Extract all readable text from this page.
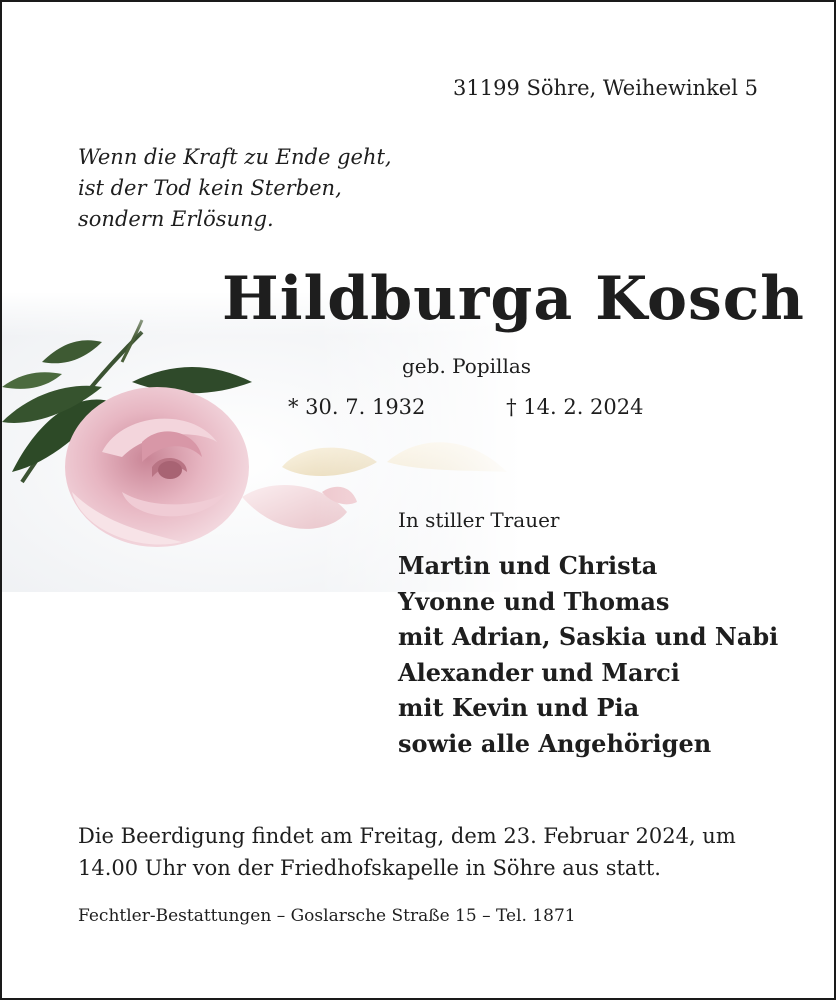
31199 Söhre, Weihewinkel 5
Wenn die Kraft zu Ende geht,
ist der Tod kein Sterben,
sondern Erlösung.
Hildburga Kosch
geb. Popillas
* 30. 7. 1932	† 14. 2. 2024
In stiller Trauer
Martin und Christa
Yvonne und Thomas
mit Adrian, Saskia und Nabi
Alexander und Marci
mit Kevin und Pia
sowie alle Angehörigen
Die Beerdigung findet am Freitag, dem 23. Februar 2024, um
14.00 Uhr von der Friedhofskapelle in Söhre aus statt.
Fechtler-Bestattungen – Goslarsche Straße 15 – Tel. 1871
